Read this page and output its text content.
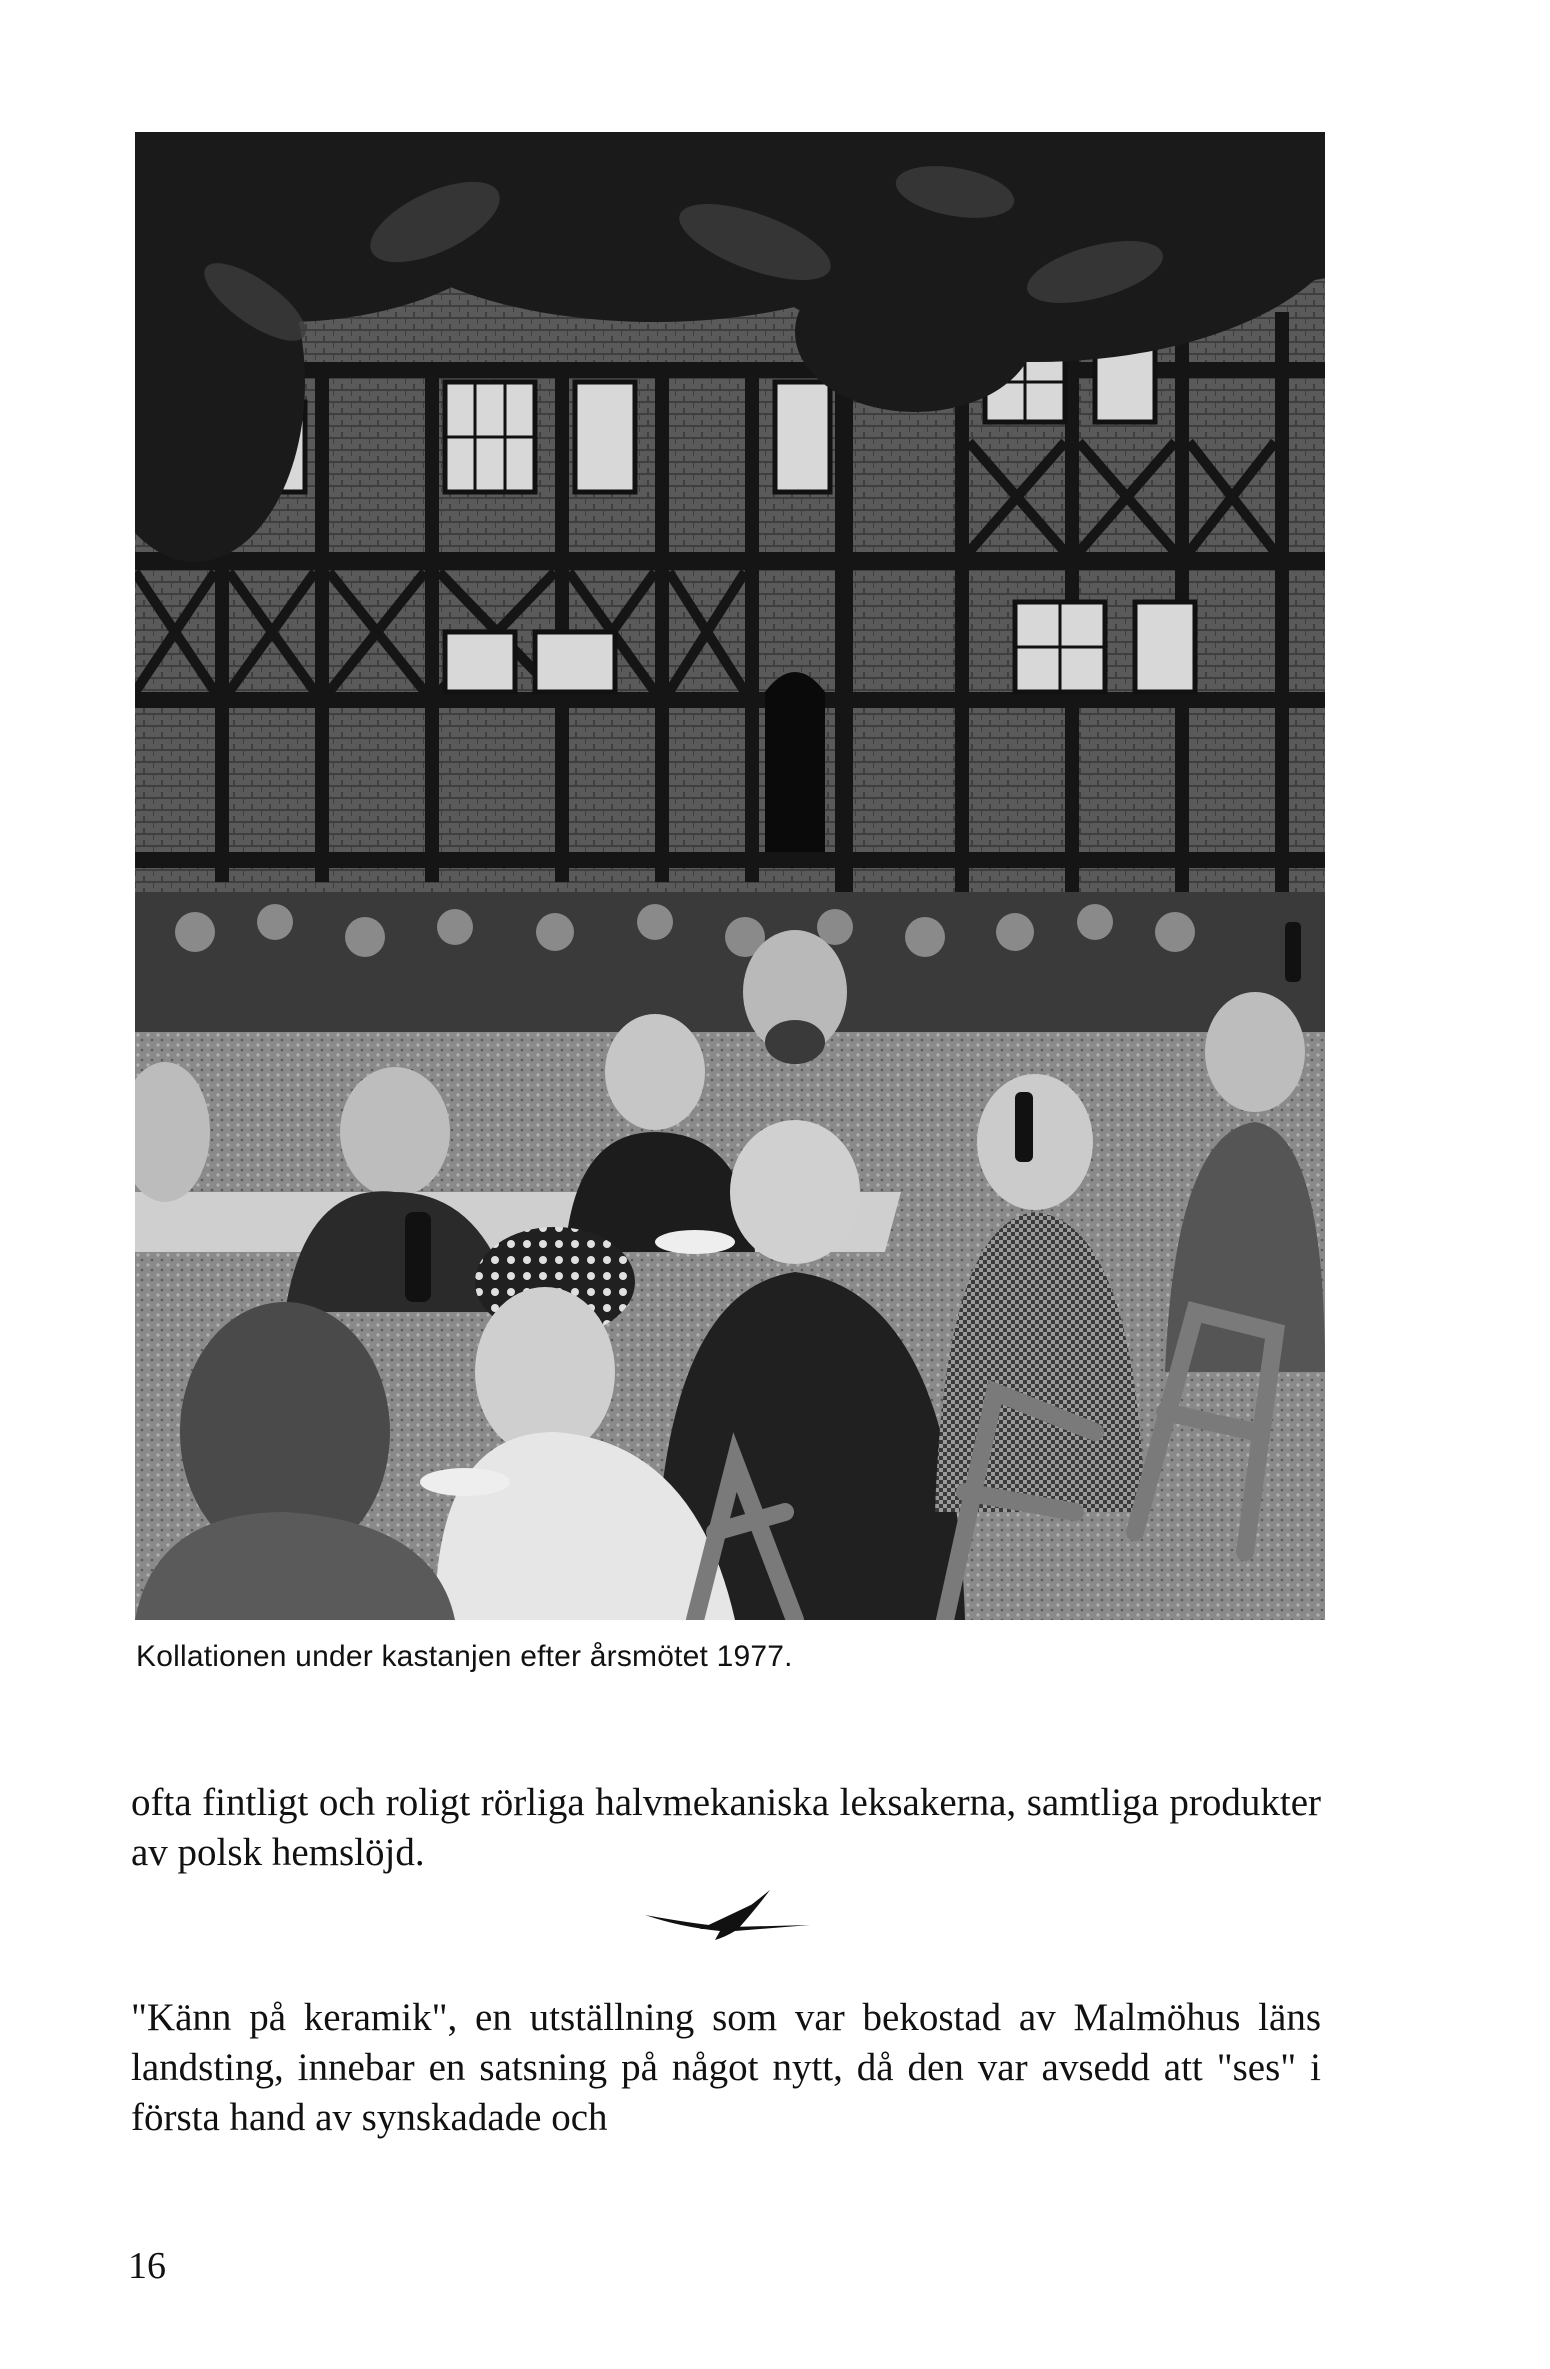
Kollationen under kastanjen efter årsmötet 1977.
ofta fintligt och roligt rörliga halvmekaniska leksakerna, samtliga produkter av polsk hemslöjd.
"Känn på keramik", en utställning som var bekostad av Malmöhus läns landsting, innebar en satsning på något nytt, då den var avsedd att "ses" i första hand av synskadade och
16
